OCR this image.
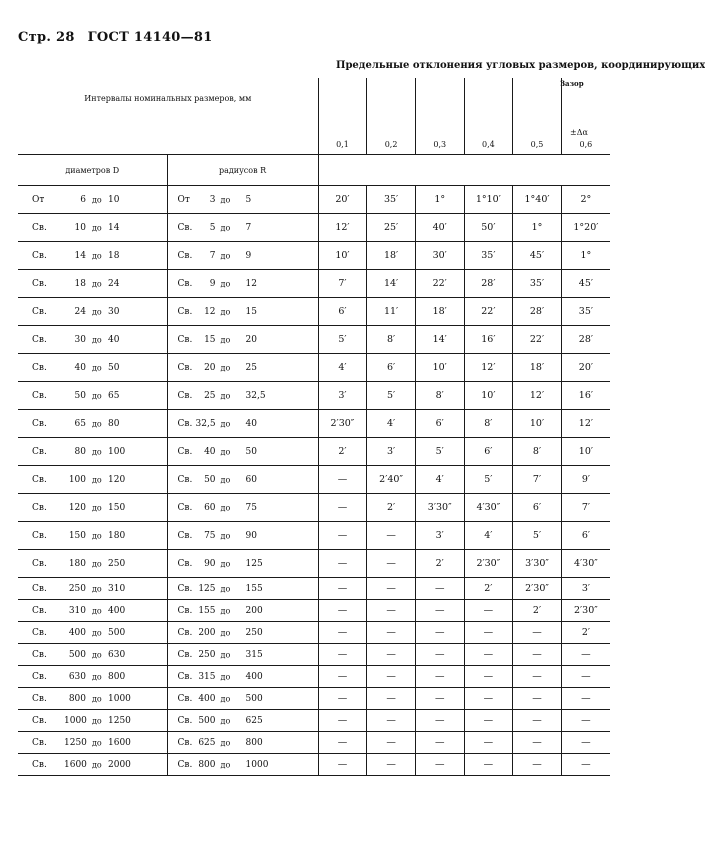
Стр. 28 ГОСТ 14140—81
Предельные отклонения угловых размеров, координирующих
Зазор
±Δα
Интервалы номинальных размеров, мм		0,1	0,2	0,3	0,4	0,5	0,6
диаметров D	радиусов R						

От 6 до 10	От 3 до 5	20′	35′	1°	1°10′	1°40′	2°

Св. 10 до 14	Св. 5 до 7	12′	25′	40′	50′	1°	1°20′

Св. 14 до 18	Св. 7 до 9	10′	18′	30′	35′	45′	1°

Св. 18 до 24	Св. 9 до 12	7′	14′	22′	28′	35′	45′

Св. 24 до 30	Св. 12 до 15	6′	11′	18′	22′	28′	35′

Св. 30 до 40	Св. 15 до 20	5′	8′	14′	16′	22′	28′

Св. 40 до 50	Св. 20 до 25	4′	6′	10′	12′	18′	20′

Св. 50 до 65	Св. 25 до 32,5	3′	5′	8′	10′	12′	16′

Св. 65 до 80	Св. 32,5 до 40	2′30″	4′	6′	8′	10′	12′

Св. 80 до 100	Св. 40 до 50	2′	3′	5′	6′	8′	10′

Св. 100 до 120	Св. 50 до 60	—	2′40″	4′	5′	7′	9′

Св. 120 до 150	Св. 60 до 75	—	2′	3′30″	4′30″	6′	7′

Св. 150 до 180	Св. 75 до 90	—	—	3′	4′	5′	6′

Св. 180 до 250	Св. 90 до 125	—	—	2′	2′30″	3′30″	4′30″

Св. 250 до 310	Св. 125 до 155	—	—	—	2′	2′30″	3′

Св. 310 до 400	Св. 155 до 200	—	—	—	—	2′	2′30″

Св. 400 до 500	Св. 200 до 250	—	—	—	—	—	2′

Св. 500 до 630	Св. 250 до 315	—	—	—	—	—	—

Св. 630 до 800	Св. 315 до 400	—	—	—	—	—	—

Св. 800 до 1000	Св. 400 до 500	—	—	—	—	—	—

Св. 1000 до 1250	Св. 500 до 625	—	—	—	—	—	—

Св. 1250 до 1600	Св. 625 до 800	—	—	—	—	—	—

Св. 1600 до 2000	Св. 800 до 1000	—	—	—	—	—	—
